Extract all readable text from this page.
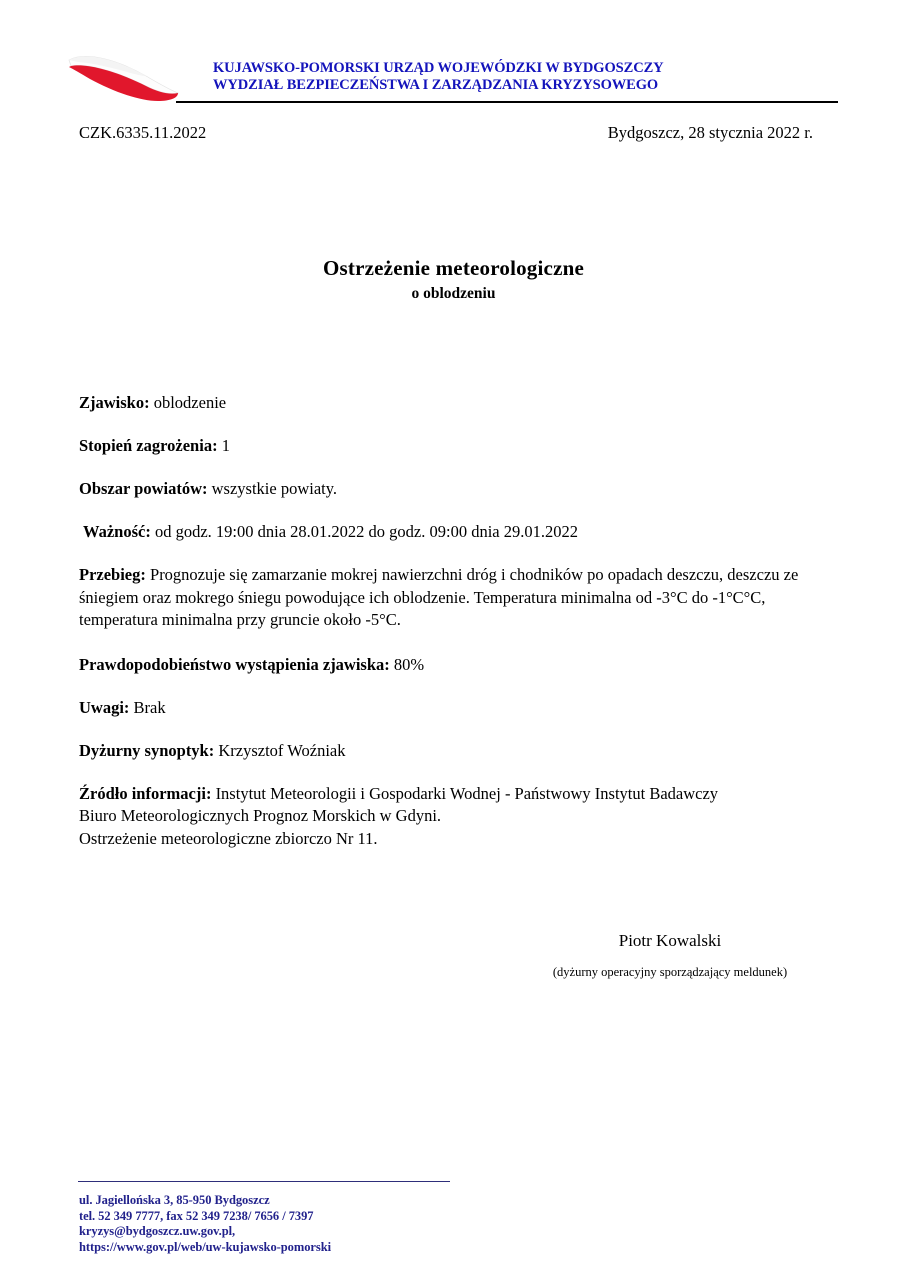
KUJAWSKO-POMORSKI URZĄD WOJEWÓDZKI W BYDGOSZCZY
WYDZIAŁ BEZPIECZEŃSTWA I ZARZĄDZANIA KRYZYSOWEGO
CZK.6335.11.2022	Bydgoszcz, 28 stycznia 2022 r.
Ostrzeżenie meteorologiczne
o oblodzeniu
Zjawisko: oblodzenie
Stopień zagrożenia: 1
Obszar powiatów: wszystkie powiaty.
Ważność: od godz. 19:00 dnia 28.01.2022 do godz. 09:00 dnia 29.01.2022
Przebieg: Prognozuje się zamarzanie mokrej nawierzchni dróg i chodników po opadach deszczu, deszczu ze śniegiem oraz mokrego śniegu powodujące ich oblodzenie. Temperatura minimalna od -3°C do -1°C°C, temperatura minimalna przy gruncie około -5°C.
Prawdopodobieństwo wystąpienia zjawiska: 80%
Uwagi: Brak
Dyżurny synoptyk: Krzysztof Woźniak
Źródło informacji: Instytut Meteorologii i Gospodarki Wodnej - Państwowy Instytut Badawczy
Biuro Meteorologicznych Prognoz Morskich w Gdyni.
Ostrzeżenie meteorologiczne zbiorczo Nr 11.
Piotr Kowalski
(dyżurny operacyjny sporządzający meldunek)
ul. Jagiellońska 3, 85-950 Bydgoszcz
tel. 52 349 7777, fax 52 349 7238/ 7656 / 7397
kryzys@bydgoszcz.uw.gov.pl,
https://www.gov.pl/web/uw-kujawsko-pomorski
